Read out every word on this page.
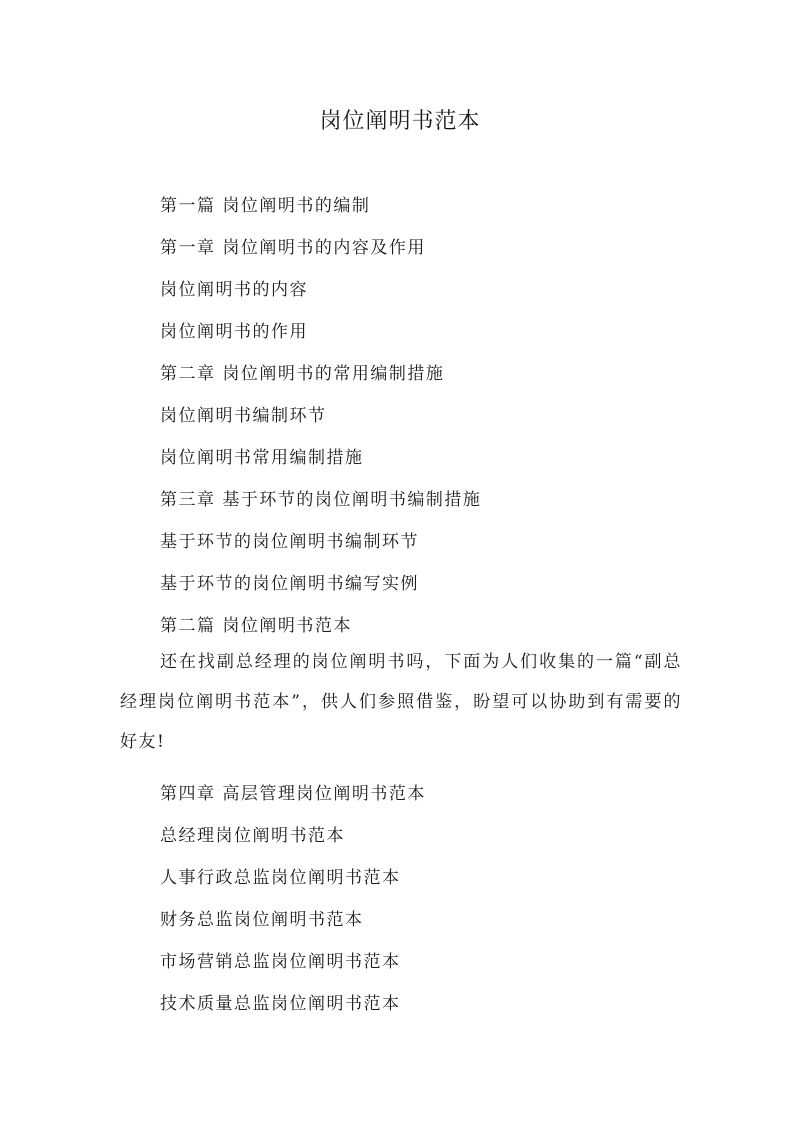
岗位阐明书范本

第一篇 岗位阐明书的编制

第一章 岗位阐明书的内容及作用

岗位阐明书的内容

岗位阐明书的作用

第二章 岗位阐明书的常用编制措施

岗位阐明书编制环节

岗位阐明书常用编制措施

第三章 基于环节的岗位阐明书编制措施

基于环节的岗位阐明书编制环节

基于环节的岗位阐明书编写实例

第二篇 岗位阐明书范本

还在找副总经理的岗位阐明书吗，下面为人们收集的一篇“副总经理岗位阐明书范本”，供人们参照借鉴，盼望可以协助到有需要的好友!

第四章 高层管理岗位阐明书范本

总经理岗位阐明书范本

人事行政总监岗位阐明书范本

财务总监岗位阐明书范本

市场营销总监岗位阐明书范本

技术质量总监岗位阐明书范本
